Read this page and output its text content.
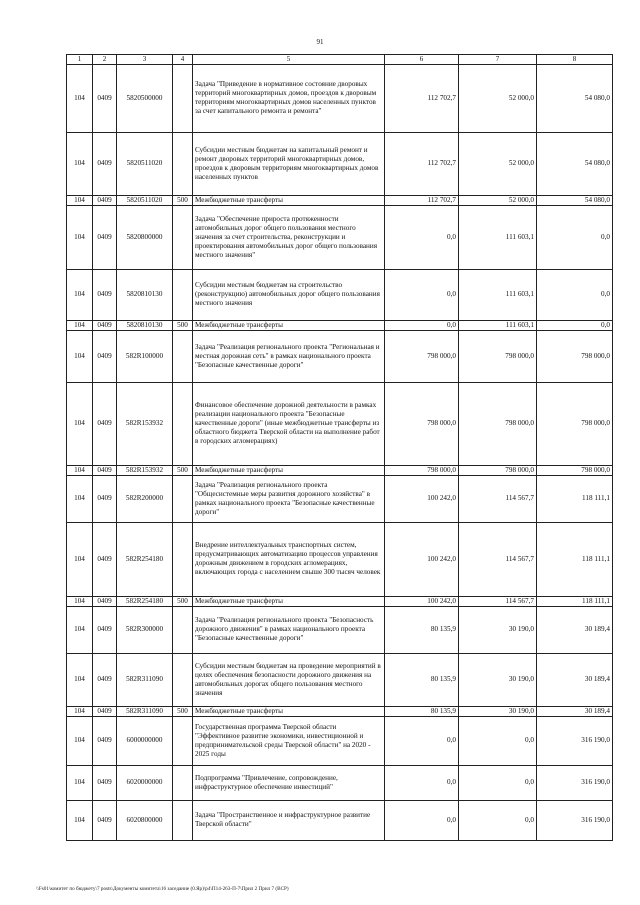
91
1	2	3	4	5	6	7	8
104	0409	5820500000		Задача "Приведение в нормативное состояние дворовых территорий многоквартирных домов, проездов к дворовым территориям многоквартирных домов населенных пунктов за счет капитального ремонта и ремонта"	112 702,7	52 000,0	54 080,0
104	0409	5820511020		Субсидии местным бюджетам на капитальный ремонт и ремонт дворовых территорий многоквартирных домов, проездов к дворовым территориям многоквартирных домов населенных пунктов	112 702,7	52 000,0	54 080,0
104	0409	5820511020	500	Межбюджетные трансферты	112 702,7	52 000,0	54 080,0
104	0409	5820800000		Задача "Обеспечение прироста протяженности автомобильных дорог общего пользования местного значения за счет строительства, реконструкции и проектирования автомобильных дорог общего пользования местного значения"	0,0	111 603,1	0,0
104	0409	5820810130		Субсидии местным бюджетам на строительство (реконструкцию) автомобильных дорог общего пользования местного значения	0,0	111 603,1	0,0
104	0409	5820810130	500	Межбюджетные трансферты	0,0	111 603,1	0,0
104	0409	582R100000		Задача "Реализация регионального проекта "Региональная и местная дорожная сеть" в рамках национального проекта "Безопасные качественные дороги"	798 000,0	798 000,0	798 000,0
104	0409	582R153932		Финансовое обеспечение дорожной деятельности в рамках реализации национального проекта "Безопасные качественные дороги" (иные межбюджетные трансферты из областного бюджета Тверской области на выполнение работ в городских агломерациях)	798 000,0	798 000,0	798 000,0
104	0409	582R153932	500	Межбюджетные трансферты	798 000,0	798 000,0	798 000,0
104	0409	582R200000		Задача "Реализация регионального проекта "Общесистемные меры развития дорожного хозяйства" в рамках национального проекта "Безопасные качественные дороги"	100 242,0	114 567,7	118 111,1
104	0409	582R254180		Внедрение интеллектуальных транспортных систем, предусматривающих автоматизацию процессов управления дорожным движением в городских агломерациях, включающих города с населением свыше 300 тысяч человек	100 242,0	114 567,7	118 111,1
104	0409	582R254180	500	Межбюджетные трансферты	100 242,0	114 567,7	118 111,1
104	0409	582R300000		Задача "Реализация регионального проекта "Безопасность дорожного движения" в рамках национального проекта "Безопасные качественные дороги"	80 135,9	30 190,0	30 189,4
104	0409	582R311090		Субсидии местным бюджетам на проведение мероприятий в целях обеспечения безопасности дорожного движения на автомобильных дорогах общего пользования местного значения	80 135,9	30 190,0	30 189,4
104	0409	582R311090	500	Межбюджетные трансферты	80 135,9	30 190,0	30 189,4
104	0409	6000000000		Государственная программа Тверской области "Эффективное развитие экономики, инвестиционной и предпринимательской среды Тверской области" на 2020 - 2025 годы	0,0	0,0	316 190,0
104	0409	6020000000		Подпрограмма "Привлечение, сопровождение, инфраструктурное обеспечение инвестиций"	0,0	0,0	316 190,0
104	0409	6020800000		Задача "Пространственное и инфраструктурное развитие Тверской области"	0,0	0,0	316 190,0
\\Fs01\комитет по бюджету\7 posts\Документы комитета\16 заседание (0.Яр)\р4\П14-263-П-7\Прил 2 Прил 7 (ВСР)
